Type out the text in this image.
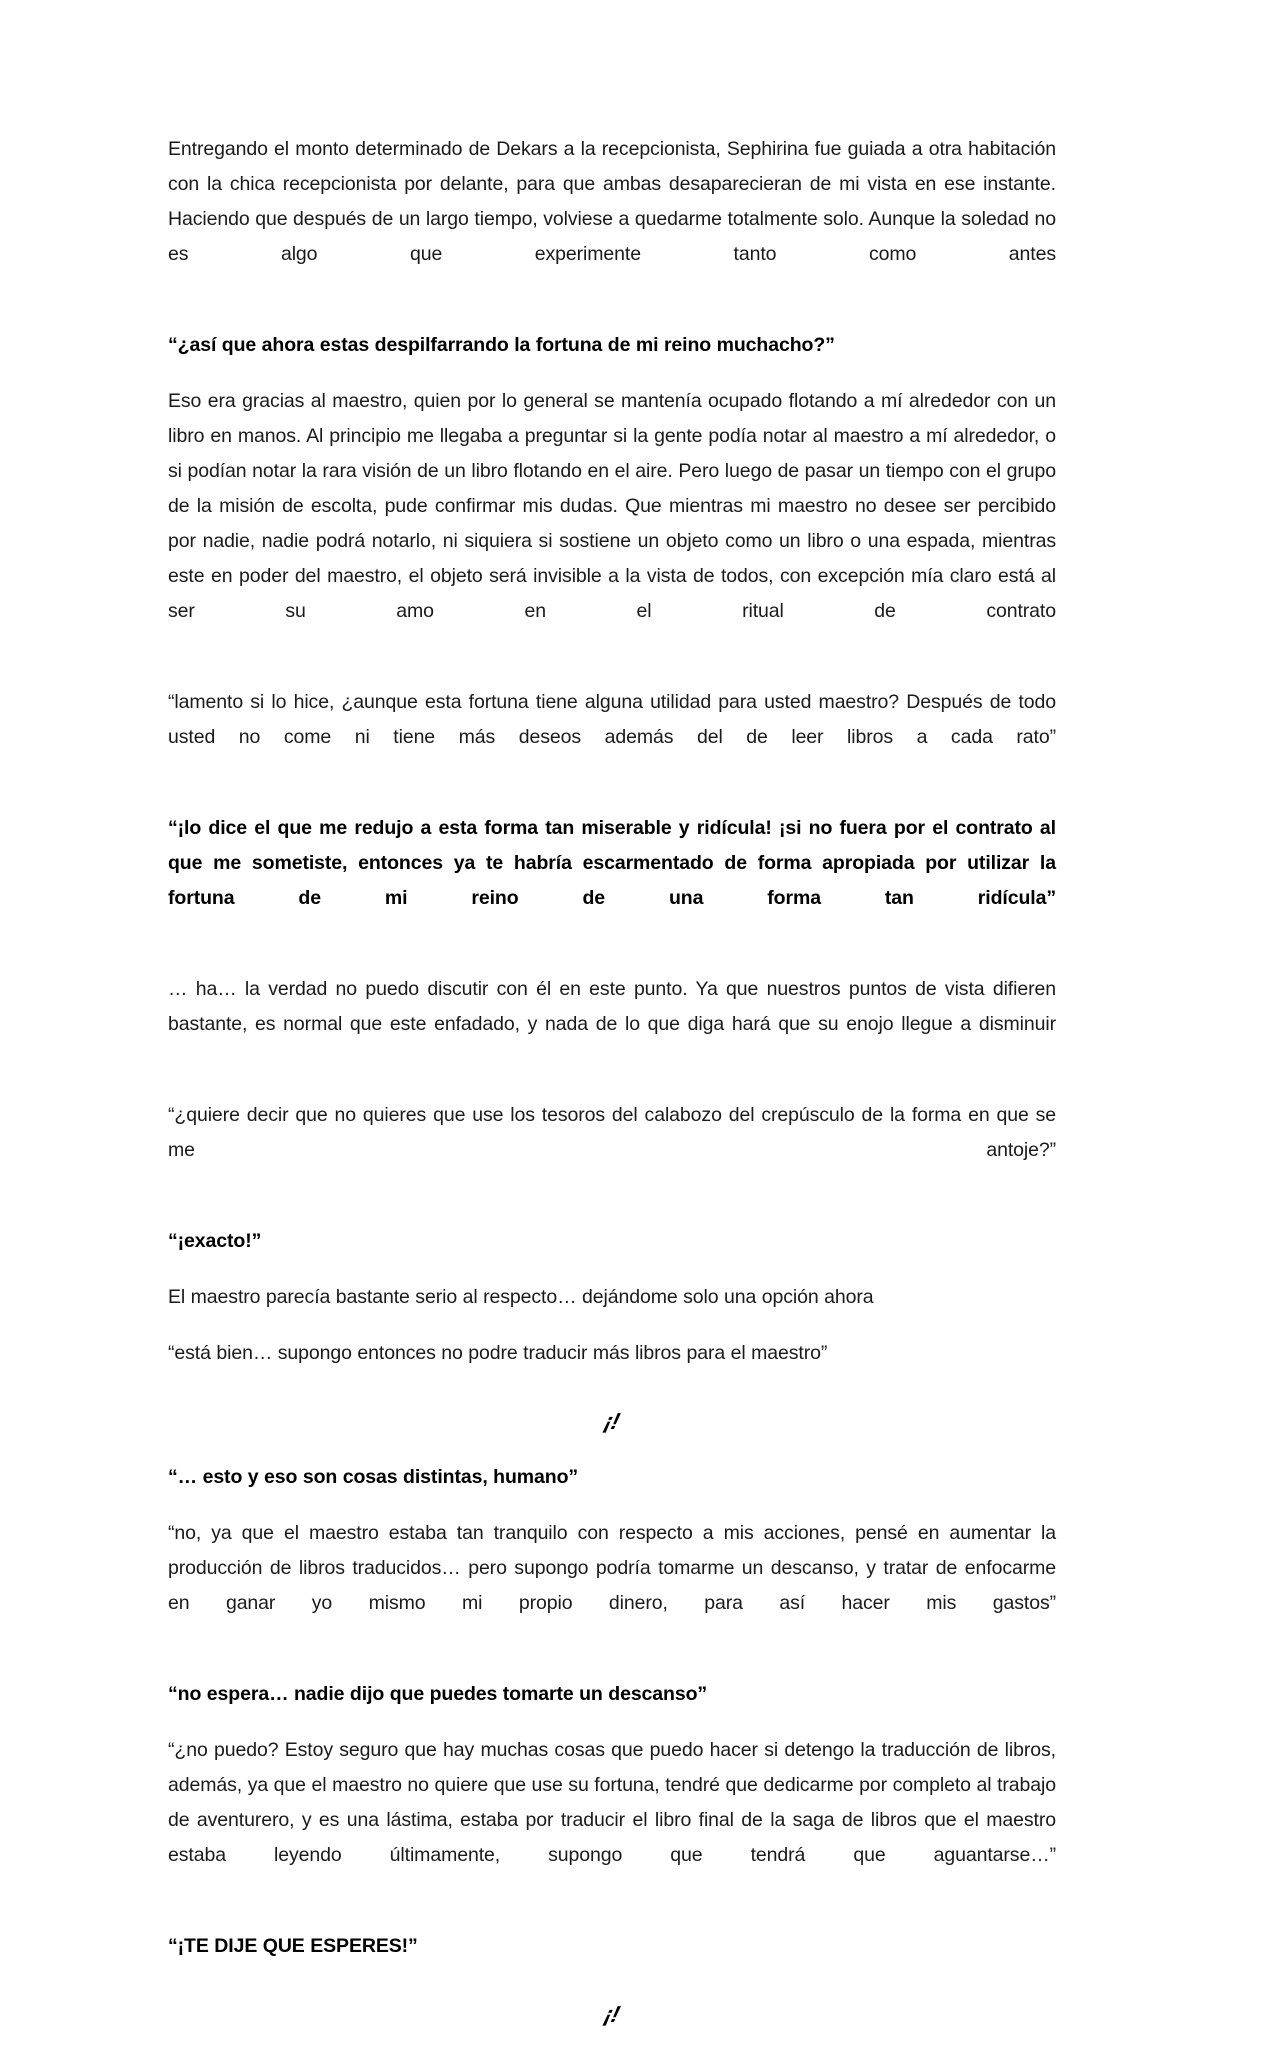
Entregando el monto determinado de Dekars a la recepcionista, Sephirina fue guiada a otra habitación con la chica recepcionista por delante, para que ambas desaparecieran de mi vista en ese instante. Haciendo que después de un largo tiempo, volviese a quedarme totalmente solo. Aunque la soledad no es algo que experimente tanto como antes

“¿así que ahora estas despilfarrando la fortuna de mi reino muchacho?”

Eso era gracias al maestro, quien por lo general se mantenía ocupado flotando a mí alrededor con un libro en manos. Al principio me llegaba a preguntar si la gente podía notar al maestro a mí alrededor, o si podían notar la rara visión de un libro flotando en el aire. Pero luego de pasar un tiempo con el grupo de la misión de escolta, pude confirmar mis dudas. Que mientras mi maestro no desee ser percibido por nadie, nadie podrá notarlo, ni siquiera si sostiene un objeto como un libro o una espada, mientras este en poder del maestro, el objeto será invisible a la vista de todos, con excepción mía claro está al ser su amo en el ritual de contrato

“lamento si lo hice, ¿aunque esta fortuna tiene alguna utilidad para usted maestro? Después de todo usted no come ni tiene más deseos además del de leer libros a cada rato”

“¡lo dice el que me redujo a esta forma tan miserable y ridícula! ¡si no fuera por el contrato al que me sometiste, entonces ya te habría escarmentado de forma apropiada por utilizar la fortuna de mi reino de una forma tan ridícula”

… ha… la verdad no puedo discutir con él en este punto. Ya que nuestros puntos de vista difieren bastante, es normal que este enfadado, y nada de lo que diga hará que su enojo llegue a disminuir

“¿quiere decir que no quieres que use los tesoros del calabozo del crepúsculo de la forma en que se me antoje?”

“¡exacto!”

El maestro parecía bastante serio al respecto… dejándome solo una opción ahora

“está bien… supongo entonces no podre traducir más libros para el maestro”

¡!

“… esto y eso son cosas distintas, humano”

“no, ya que el maestro estaba tan tranquilo con respecto a mis acciones, pensé en aumentar la producción de libros traducidos… pero supongo podría tomarme un descanso, y tratar de enfocarme en ganar yo mismo mi propio dinero, para así hacer mis gastos”

“no espera… nadie dijo que puedes tomarte un descanso”

“¿no puedo? Estoy seguro que hay muchas cosas que puedo hacer si detengo la traducción de libros, además, ya que el maestro no quiere que use su fortuna, tendré que dedicarme por completo al trabajo de aventurero, y es una lástima, estaba por traducir el libro final de la saga de libros que el maestro estaba leyendo últimamente, supongo que tendrá que aguantarse…”

“¡TE DIJE QUE ESPERES!”

¡!
